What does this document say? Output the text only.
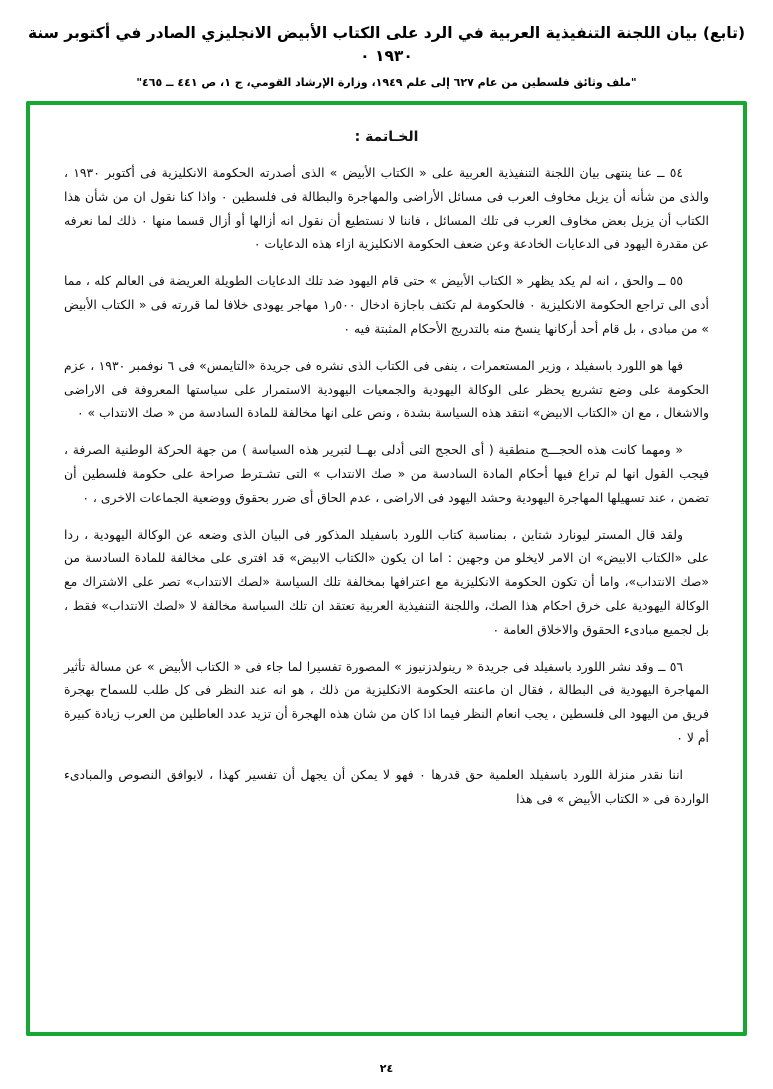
(تابع) بيان اللجنة التنفيذية العربية في الرد على الكتاب الأبيض الانجليزي الصادر في أكتوبر سنة ١٩٣٠ ٠
"ملف وثائق فلسطين من عام ٦٢٧ إلى علم ١٩٤٩، وزارة الإرشاد القومي، ج ١، ص ٤٤١ ــ ٤٦٥"
الخـاتمة :

٥٤ ــ عنا ينتهى بيان اللجنة التنفيذية العربية على « الكتاب الأبيض » الذى أصدرته الحكومة الانكليزية فى أكتوبر ١٩٣٠ ، والذى من شأنه أن يزيل مخاوف العرب فى مسائل الأراضى والمهاجرة والبطالة فى فلسطين ٠ واذا كنا نقول ان من شأن هذا الكتاب أن يزيل بعض مخاوف العرب فى تلك المسائل ، فاننا لا نستطيع أن نقول انه أزالها أو أزال قسما منها ٠ ذلك لما نعرفه عن مقدرة اليهود فى الدعايات الخادعة وعن ضعف الحكومة الانكليزية ازاء هذه الدعايات ٠

٥٥ ــ والحق ، انه لم يكد يظهر « الكتاب الأبيض » حتى قام اليهود ضد تلك الدعايات الطويلة العريضة فى العالم كله ، مما أدى الى تراجع الحكومة الانكليزية ٠ فالحكومة لم تكتف باجازة ادخال ٥٠٠ر١ مهاجر يهودى خلافا لما قررته فى « الكتاب الأبيض » من مبادى ، بل قام أحد أركانها ينسخ منه بالتدريج الأحكام المثبتة فيه ٠

فها هو اللورد باسفيلد ، وزير المستعمرات ، ينفى فى الكتاب الذى نشره فى جريدة «التايمس» فى ٦ نوفمبر ١٩٣٠ ، عزم الحكومة على وضع تشريع يحظر على الوكالة اليهودية والجمعيات اليهودية الاستمرار على سياستها المعروفة فى الاراضى والاشغال ، مع ان «الكتاب الابيض» انتقد هذه السياسة بشدة ، ونص على انها مخالفة للمادة السادسة من « صك الانتداب » ٠

« ومهما كانت هذه الحجـــج منطقية ( أى الحجج التى أدلى بهــا لتبرير هذه السياسة ) من جهة الحركة الوطنية الصرفة ، فيجب القول انها لم تراع فيها أحكام المادة السادسة من « صك الانتداب » التى تشـترط صراحة على حكومة فلسطين أن تضمن ، عند تسهيلها المهاجرة اليهودية وحشد اليهود فى الاراضى ، عدم الحاق أى ضرر بحقوق ووضعية الجماعات الاخرى ، ٠

ولقد قال المستر ليونارد شتاين ، بمناسبة كتاب اللورد باسفيلد المذكور فى البيان الذى وضعه عن الوكالة اليهودية ، ردا على «الكتاب الابيض» ان الامر لايخلو من وجهين : اما ان يكون «الكتاب الابيض» قد افترى على مخالفة للمادة السادسة من «صك الانتداب»، واما أن تكون الحكومة الانكليزية مع اعترافها بمخالفة تلك السياسة «لصك الانتداب» تصر على الاشتراك مع الوكالة اليهودية على خرق احكام هذا الصك، واللجنة التنفيذية العربية تعتقد ان تلك السياسة مخالفة لا «لصك الانتداب» فقط ، بل لجميع مبادىء الحقوق والاخلاق العامة ٠

٥٦ ــ وقد نشر اللورد باسفيلد فى جريدة « رينولدزنيوز » المصورة تفسيرا لما جاء فى « الكتاب الأبيض » عن مسالة تأثير المهاجرة اليهودية فى البطالة ، فقال ان ماعنته الحكومة الانكليزية من ذلك ، هو انه عند النظر فى كل طلب للسماح بهجرة فريق من اليهود الى فلسطين ، يجب انعام النظر فيما اذا كان من شان هذه الهجرة أن تزيد عدد العاطلين من العرب زيادة كبيرة أم لا ٠

اننا نقدر منزلة اللورد باسفيلد العلمية حق قدرها ٠ فهو لا يمكن أن يجهل أن تفسير كهذا ، لايوافق النصوص والمبادىء الواردة فى « الكتاب الأبيض » فى هذا

٢٤
